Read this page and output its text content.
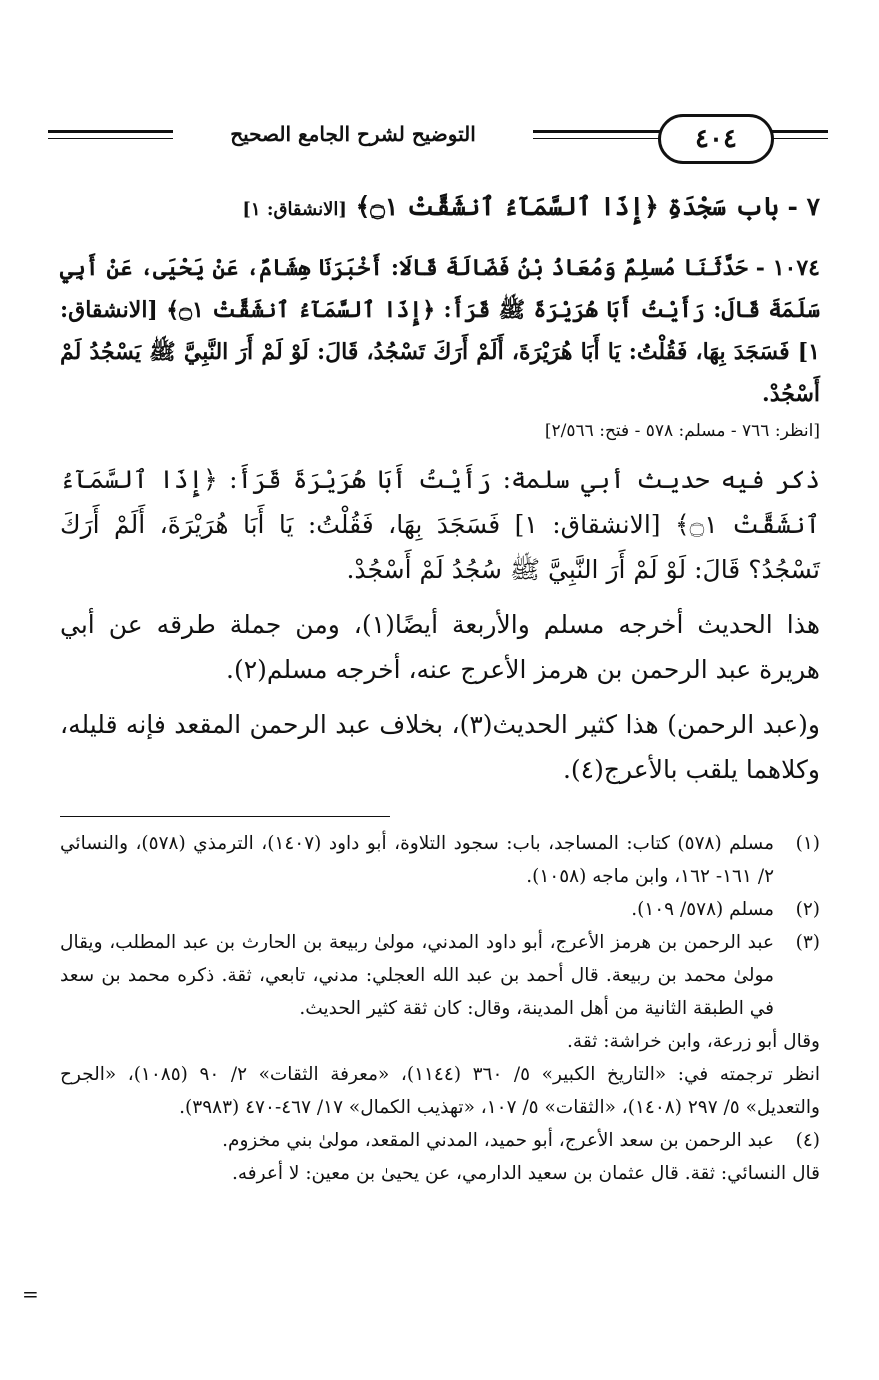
التوضيح لشرح الجامع الصحيح	٤٠٤
٧ - باب سَجْدَةِ ﴿إِذَا ٱلسَّمَآءُ ٱنشَقَّتْ ۝١﴾ [الانشقاق: ١]

١٠٧٤ - حَدَّثَنَا مُسلِمٌ وَمُعَاذُ بْنُ فَضَالَةَ قَالَا: أَخْبَرَنَا هِشَامٌ، عَنْ يَحْيَى، عَنْ أَبِي سَلَمَةَ قَالَ: رَأَيْتُ أَبَا هُرَيْرَةَ ﷺ قَرَأَ: ﴿إِذَا ٱلسَّمَآءُ ٱنشَقَّتْ ۝١﴾ [الانشقاق: ١] فَسَجَدَ بِهَا، فَقُلْتُ: يَا أَبَا هُرَيْرَةَ، أَلَمْ أَرَكَ تَسْجُدُ، قَالَ: لَوْ لَمْ أَرَ النَّبِيَّ ﷺ يَسْجُدُ لَمْ أَسْجُدْ.

[انظر: ٧٦٦ - مسلم: ٥٧٨ - فتح: ٢/٥٦٦]

ذكر فيه حديث أبي سلمة: رَأَيْتُ أَبَا هُرَيْرَةَ قَرَأَ: ﴿إِذَا ٱلسَّمَآءُ ٱنشَقَّتْ ۝١﴾ [الانشقاق: ١] فَسَجَدَ بِهَا، فَقُلْتُ: يَا أَبَا هُرَيْرَةَ، أَلَمْ أَرَكَ تَسْجُدُ؟ قَالَ: لَوْ لَمْ أَرَ النَّبِيَّ ﷺ سُجُدُ لَمْ أَسْجُدْ.

هذا الحديث أخرجه مسلم والأربعة أيضًا(١)، ومن جملة طرقه عن أبي هريرة عبد الرحمن بن هرمز الأعرج عنه، أخرجه مسلم(٢).

و(عبد الرحمن) هذا كثير الحديث(٣)، بخلاف عبد الرحمن المقعد فإنه قليله، وكلاهما يلقب بالأعرج(٤).

(١)
مسلم (٥٧٨) كتاب: المساجد، باب: سجود التلاوة، أبو داود (١٤٠٧)، الترمذي (٥٧٨)، والنسائي ٢/ ١٦١- ١٦٢، وابن ماجه (١٠٥٨).
(٢)
مسلم (٥٧٨/ ١٠٩).
(٣)
عبد الرحمن بن هرمز الأعرج، أبو داود المدني، مولىٰ ربيعة بن الحارث بن عبد المطلب، ويقال مولىٰ محمد بن ربيعة. قال أحمد بن عبد الله العجلي: مدني، تابعي، ثقة. ذكره محمد بن سعد في الطبقة الثانية من أهل المدينة، وقال: كان ثقة كثير الحديث.

وقال أبو زرعة، وابن خراشة: ثقة.

انظر ترجمته في: «التاريخ الكبير» ٥/ ٣٦٠ (١١٤٤)، «معرفة الثقات» ٢/ ٩٠ (١٠٨٥)، «الجرح والتعديل» ٥/ ٢٩٧ (١٤٠٨)، «الثقات» ٥/ ١٠٧، «تهذيب الكمال» ١٧/ ٤٦٧-٤٧٠ (٣٩٨٣).

(٤)
عبد الرحمن بن سعد الأعرج، أبو حميد، المدني المقعد، مولىٰ بني مخزوم.

قال النسائي: ثقة. قال عثمان بن سعيد الدارمي، عن يحيىٰ بن معين: لا أعرفه.

=
